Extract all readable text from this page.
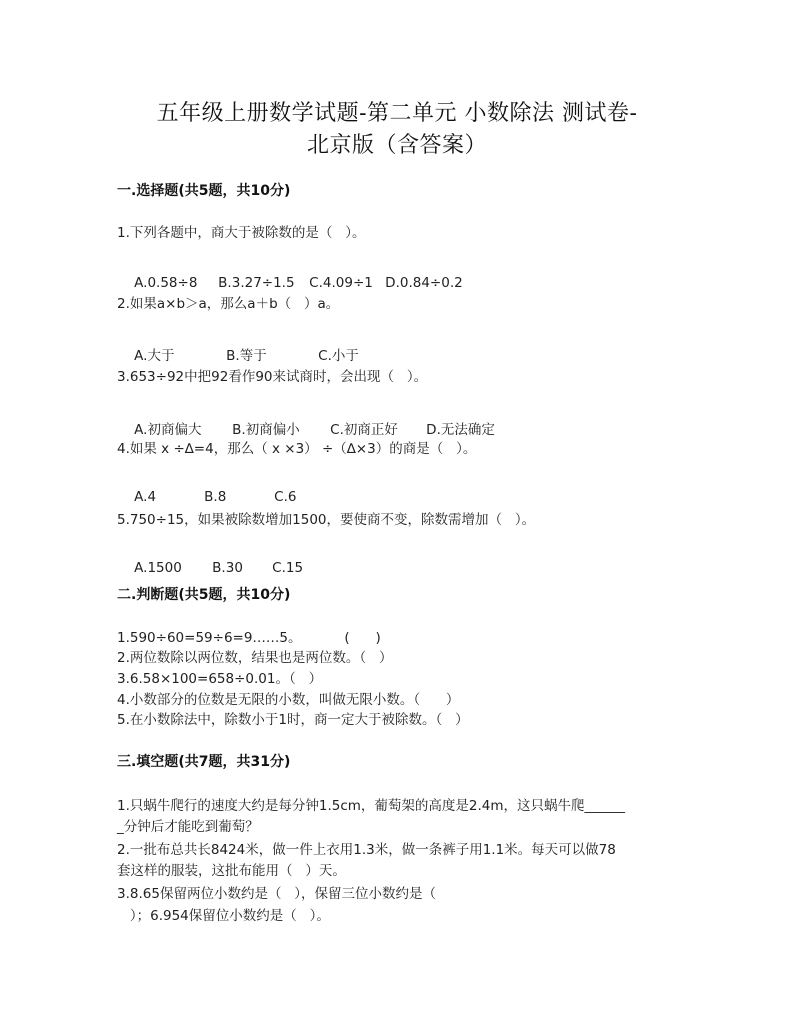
五年级上册数学试题-第二单元 小数除法 测试卷-
北京版（含答案）
一.选择题(共5题，共10分)
1.下列各题中，商大于被除数的是（   ）。

A.0.58÷8 B.3.27÷1.5 C.4.09÷1 D.0.84÷0.2

2.如果a×b＞a，那么a＋b（   ）a。

A.大于	B.等于	C.小于

3.653÷92中把92看作90来试商时，会出现（   ）。

A.初商偏大 B.初商偏小 C.初商正好 D.无法确定

4.如果 x ÷∆=4，那么（ x ×3） ÷（∆×3）的商是（   ）。

A.4	B.8	C.6

5.750÷15，如果被除数增加1500，要使商不变，除数需增加（   ）。

A.1500 B.30 C.15

二.判断题(共5题，共10分)
1.590÷60=59÷6=9……5。          (      )
2.两位数除以两位数，结果也是两位数。（   ）
3.6.58×100=658÷0.01。（   ）
4.小数部分的位数是无限的小数，叫做无限小数。（      ）
5.在小数除法中，除数小于1时，商一定大于被除数。（   ）
三.填空题(共7题，共31分)
1.只蜗牛爬行的速度大约是每分钟1.5cm，葡萄架的高度是2.4m，这只蜗牛爬______
_分钟后才能吃到葡萄？
2.一批布总共长8424米，做一件上衣用1.3米，做一条裤子用1.1米。每天可以做78
套这样的服装，这批布能用（   ）天。
3.8.65保留两位小数约是（   ），保留三位小数约是（
）；6.954保留位小数约是（   ）。
